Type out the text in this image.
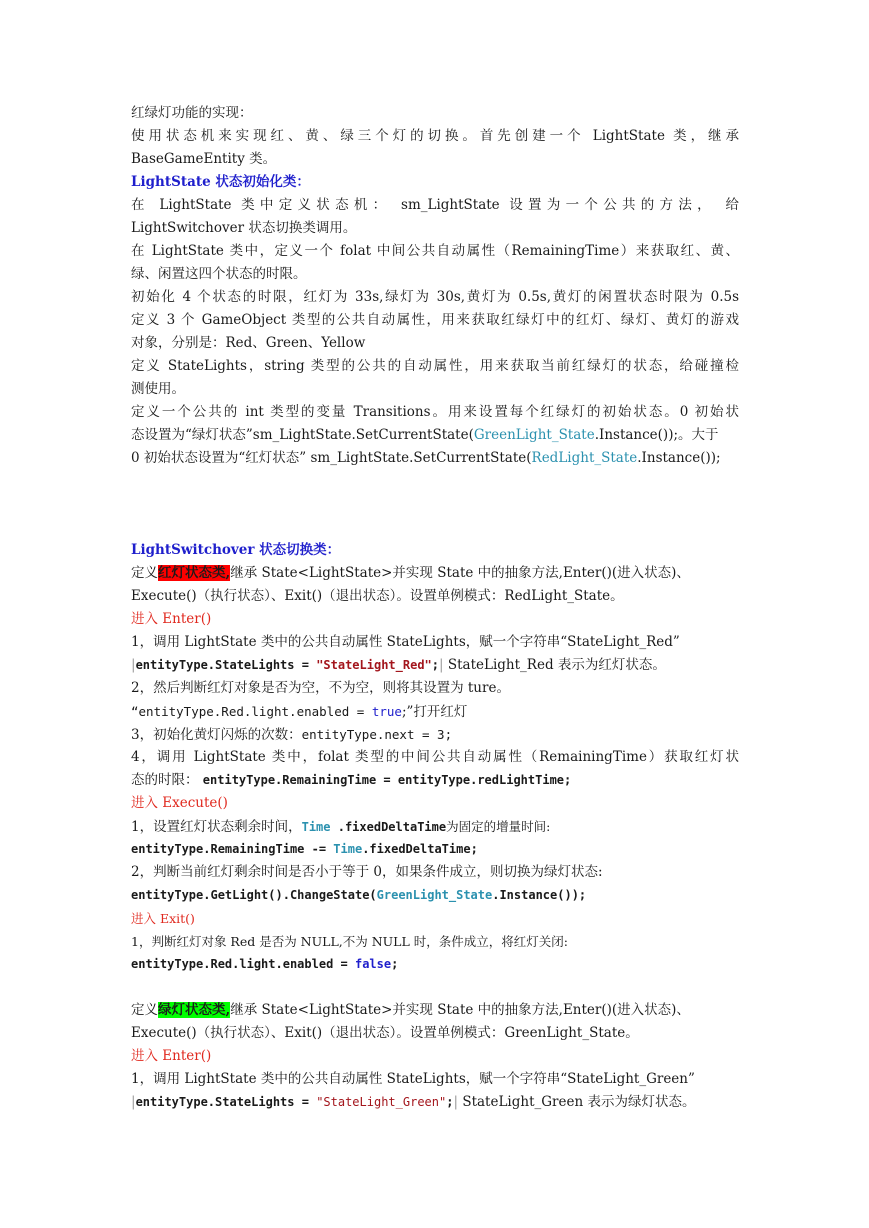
红绿灯功能的实现：
使用状态机来实现红、黄、绿三个灯的切换。首先创建一个 LightState 类，继承
BaseGameEntity 类。
LightState 状态初始化类：
在 LightState 类中定义状态机： sm_LightState 设置为一个公共的方法， 给
LightSwitchover 状态切换类调用。
在 LightState 类中，定义一个 folat 中间公共自动属性（RemainingTime）来获取红、黄、
绿、闲置这四个状态的时限。
初始化 4 个状态的时限，红灯为 33s,绿灯为 30s,黄灯为 0.5s,黄灯的闲置状态时限为 0.5s
定义 3 个 GameObject 类型的公共自动属性，用来获取红绿灯中的红灯、绿灯、黄灯的游戏
对象，分别是：Red、Green、Yellow
定义 StateLights，string 类型的公共的自动属性，用来获取当前红绿灯的状态，给碰撞检
测使用。
定义一个公共的 int 类型的变量 Transitions。用来设置每个红绿灯的初始状态。0 初始状
态设置为“绿灯状态”sm_LightState.SetCurrentState(GreenLight_State.Instance());。大于
0 初始状态设置为“红灯状态” sm_LightState.SetCurrentState(RedLight_State.Instance());
LightSwitchover 状态切换类：
定义红灯状态类,继承 State<LightState>并实现 State 中的抽象方法,Enter()(进入状态)、
Execute()（执行状态）、Exit()（退出状态）。设置单例模式：RedLight_State。
进入 Enter()
1，调用 LightState 类中的公共自动属性 StateLights，赋一个字符串“StateLight_Red”
|entityType.StateLights = "StateLight_Red";| StateLight_Red 表示为红灯状态。
2，然后判断红灯对象是否为空，不为空，则将其设置为 ture。
“entityType.Red.light.enabled = true;”打开红灯
3，初始化黄灯闪烁的次数：entityType.next = 3;
4，调用 LightState 类中，folat 类型的中间公共自动属性（RemainingTime）获取红灯状
态的时限： entityType.RemainingTime = entityType.redLightTime;
进入 Execute()
1，设置红灯状态剩余时间，Time .fixedDeltaTime为固定的增量时间:
entityType.RemainingTime -= Time.fixedDeltaTime;
2，判断当前红灯剩余时间是否小于等于 0，如果条件成立，则切换为绿灯状态:
entityType.GetLight().ChangeState(GreenLight_State.Instance());
进入 Exit()
1，判断红灯对象 Red 是否为 NULL,不为 NULL 时，条件成立，将红灯关闭:
entityType.Red.light.enabled = false;
定义绿灯状态类,继承 State<LightState>并实现 State 中的抽象方法,Enter()(进入状态)、
Execute()（执行状态）、Exit()（退出状态）。设置单例模式：GreenLight_State。
进入 Enter()
1，调用 LightState 类中的公共自动属性 StateLights，赋一个字符串“StateLight_Green”
|entityType.StateLights = "StateLight_Green";| StateLight_Green 表示为绿灯状态。
